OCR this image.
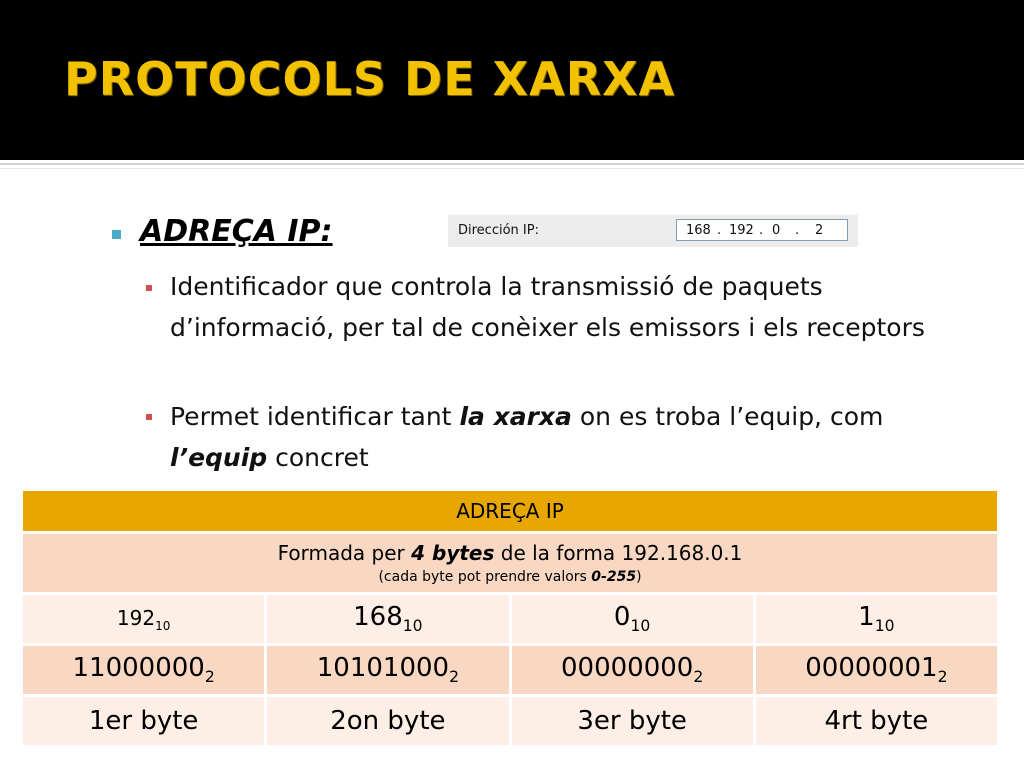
PROTOCOLS DE XARXA
ADREÇA IP:	Dirección IP:	168 . 192 . 0 . 2
Identificador que controla la transmissió de paquets d’informació, per tal de conèixer els emissors i els receptors
Permet identificar tant la xarxa on es troba l’equip, com l’equip concret
ADREÇA IP			

Formada per 4 bytes de la forma 192.168.0.1
(cada byte pot prendre valors 0-255)			

$192_{10}$	$168_{10}$	$0_{10}$	$1_{10}$
$11000000_2$	$10101000_2$	$00000000_2$	$00000001_2$
1er byte	2on byte	3er byte	4rt byte
